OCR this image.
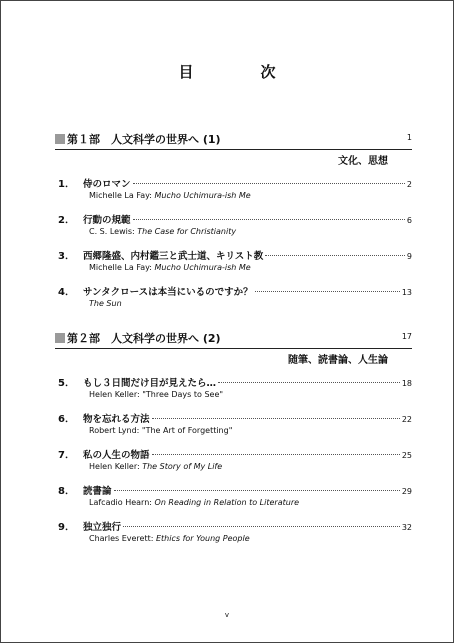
目　次
第１部　人文科学の世界へ (1)	1
文化、思想
1． 侍のロマン	2
Michelle La Fay: Mucho Uchimura-ish Me
2． 行動の規範	6
C. S. Lewis: The Case for Christianity
3． 西郷隆盛、内村鑑三と武士道、キリスト教	9
Michelle La Fay: Mucho Uchimura-ish Me
4． サンタクロースは本当にいるのですか？	13
The Sun
第２部　人文科学の世界へ (2)	17
随筆、読書論、人生論
5． もし３日間だけ目が見えたら…	18
Helen Keller: "Three Days to See"
6． 物を忘れる方法	22
Robert Lynd: "The Art of Forgetting"
7． 私の人生の物語	25
Helen Keller: The Story of My Life
8． 読書論	29
Lafcadio Hearn: On Reading in Relation to Literature
9． 独立独行	32
Charles Everett: Ethics for Young People
v
